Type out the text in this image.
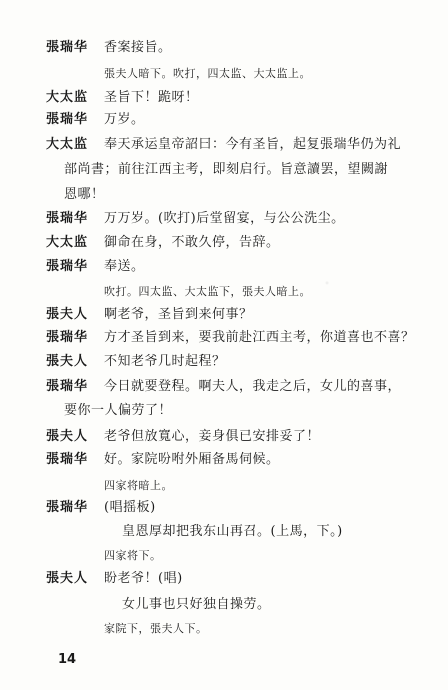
張瑞华 香案接旨。
張夫人暗下。吹打，四太监、大太监上。
大太监 圣旨下！跪呀！
張瑞华 万岁。
大太监 奉天承运皇帝詔曰：今有圣旨，起复張瑞华仍为礼
部尚書；前往江西主考，即刻启行。旨意讀罢，望闕謝
恩哪！
張瑞华 万万岁。(吹打)后堂留宴，与公公洗尘。
大太监 御命在身，不敢久停，告辞。
張瑞华 奉送。
吹打。四太监、大太监下，張夫人暗上。
張夫人 啊老爷，圣旨到来何事？
張瑞华 方才圣旨到来，要我前赴江西主考，你道喜也不喜？
張夫人 不知老爷几时起程？
張瑞华 今日就要登程。啊夫人，我走之后，女儿的喜事，
要你一人偏劳了！
張夫人 老爷但放寬心，妾身俱已安排妥了！
張瑞华 好。家院吩咐外厢备馬伺候。
四家将暗上。
張瑞华 (唱摇板)
皇恩厚却把我东山再召。(上馬，下。)
四家将下。
張夫人 盼老爷！(唱)
女儿事也只好独自操劳。
家院下，張夫人下。
14
